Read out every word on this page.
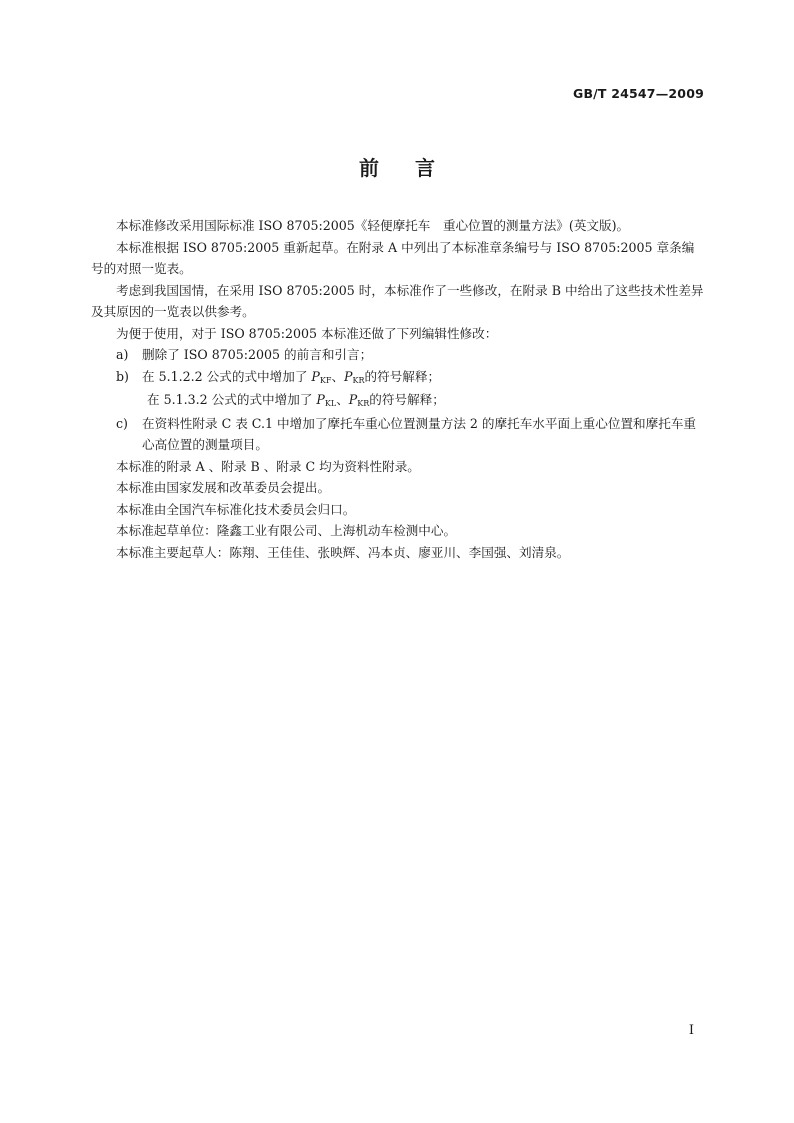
GB/T 24547—2009
前言

本标准修改采用国际标准 ISO 8705:2005《轻便摩托车　重心位置的测量方法》(英文版)。

本标准根据 ISO 8705:2005 重新起草。在附录 A 中列出了本标准章条编号与 ISO 8705:2005 章条编号的对照一览表。

考虑到我国国情，在采用 ISO 8705:2005 时，本标准作了一些修改，在附录 B 中给出了这些技术性差异及其原因的一览表以供参考。

为便于使用，对于 ISO 8705:2005 本标准还做了下列编辑性修改：

a)	删除了 ISO 8705:2005 的前言和引言；
b)	在 5.1.2.2 公式的式中增加了 $P_{KF}$、$P_{KR}$的符号解释；
在 5.1.3.2 公式的式中增加了 $P_{KL}$、$P_{KR}$的符号解释；
c)	在资料性附录 C 表 C.1 中增加了摩托车重心位置测量方法 2 的摩托车水平面上重心位置和摩托车重心高位置的测量项目。

本标准的附录 A 、附录 B 、附录 C 均为资料性附录。

本标准由国家发展和改革委员会提出。

本标准由全国汽车标准化技术委员会归口。

本标准起草单位：隆鑫工业有限公司、上海机动车检测中心。

本标准主要起草人：陈翔、王佳佳、张映辉、冯本贞、廖亚川、李国强、刘清泉。

I
